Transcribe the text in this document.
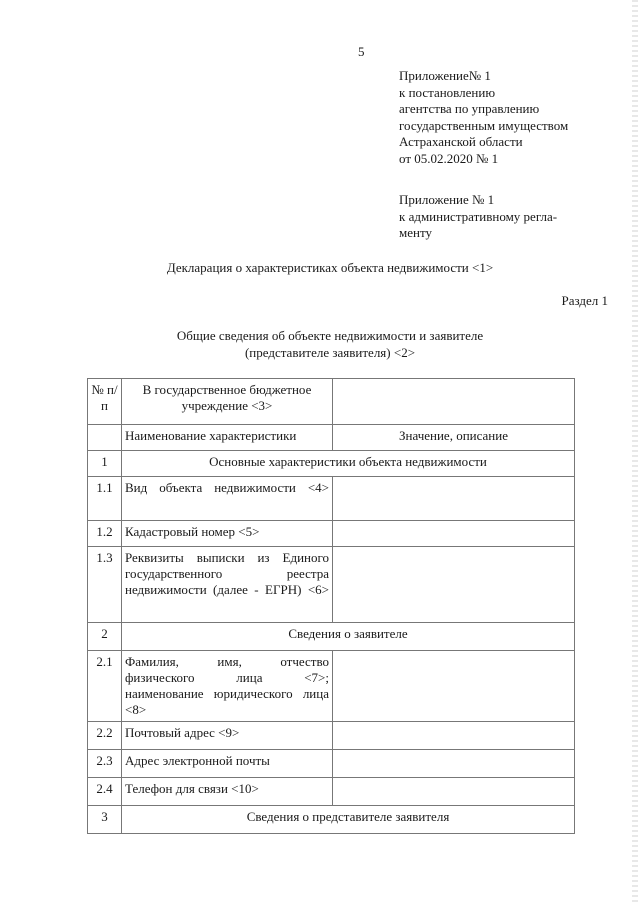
5
Приложение№ 1
к постановлению
агентства по управлению
государственным имуществом
Астраханской области
от 05.02.2020 № 1
Приложение № 1
к административному регла-
менту
Декларация о характеристиках объекта недвижимости <1>
Раздел 1
Общие сведения об объекте недвижимости и заявителе
(представителе заявителя) <2>
№ п/п	В государственное бюджетное учреждение <3>	
	Наименование характеристики	Значение, описание
1	Основные характеристики объекта недвижимости	
1.1	Вид объекта недвижимости <4>	
1.2	Кадастровый номер <5>	
1.3	Реквизиты выписки из Единого государственного реестра недвижимости (далее - ЕГРН) <6>	
2	Сведения о заявителе	
2.1	Фамилия, имя, отчество физического лица <7>; наименование юридического лица <8>	
2.2	Почтовый адрес <9>	
2.3	Адрес электронной почты	
2.4	Телефон для связи <10>	
3	Сведения о представителе заявителя	
